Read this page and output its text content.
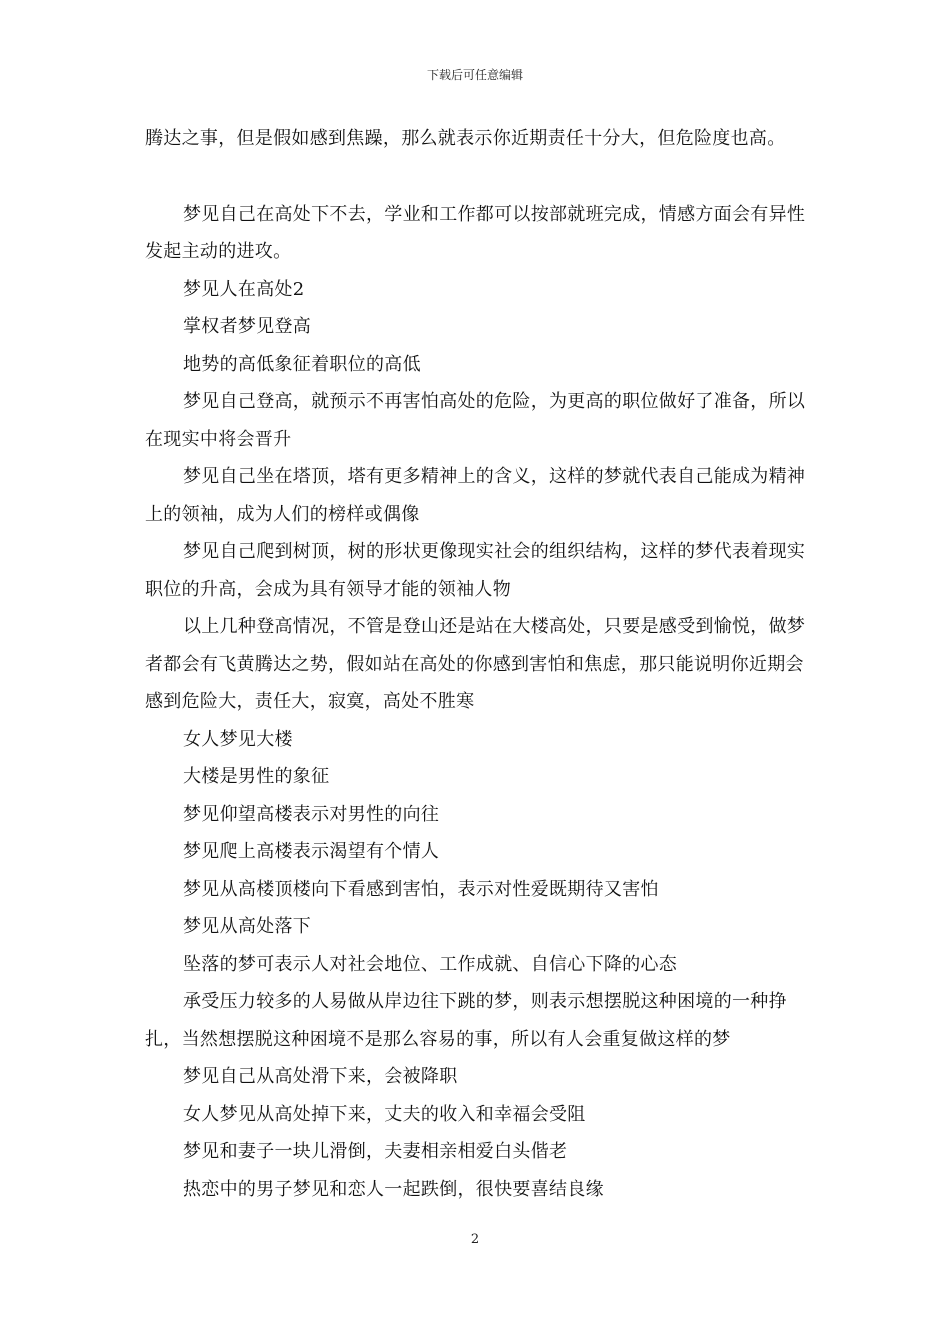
下载后可任意编辑

腾达之事，但是假如感到焦躁，那么就表示你近期责任十分大，但危险度也高。

梦见自己在高处下不去，学业和工作都可以按部就班完成，情感方面会有异性发起主动的进攻。

梦见人在高处2

掌权者梦见登高

地势的高低象征着职位的高低

梦见自己登高，就预示不再害怕高处的危险，为更高的职位做好了准备，所以在现实中将会晋升

梦见自己坐在塔顶，塔有更多精神上的含义，这样的梦就代表自己能成为精神上的领袖，成为人们的榜样或偶像

梦见自己爬到树顶，树的形状更像现实社会的组织结构，这样的梦代表着现实职位的升高，会成为具有领导才能的领袖人物

以上几种登高情况，不管是登山还是站在大楼高处，只要是感受到愉悦，做梦者都会有飞黄腾达之势，假如站在高处的你感到害怕和焦虑，那只能说明你近期会感到危险大，责任大，寂寞，高处不胜寒

女人梦见大楼

大楼是男性的象征

梦见仰望高楼表示对男性的向往

梦见爬上高楼表示渴望有个情人

梦见从高楼顶楼向下看感到害怕，表示对性爱既期待又害怕

梦见从高处落下

坠落的梦可表示人对社会地位、工作成就、自信心下降的心态

承受压力较多的人易做从岸边往下跳的梦，则表示想摆脱这种困境的一种挣扎，当然想摆脱这种困境不是那么容易的事，所以有人会重复做这样的梦

梦见自己从高处滑下来，会被降职

女人梦见从高处掉下来，丈夫的收入和幸福会受阻

梦见和妻子一块儿滑倒，夫妻相亲相爱白头偕老

热恋中的男子梦见和恋人一起跌倒，很快要喜结良缘

2
